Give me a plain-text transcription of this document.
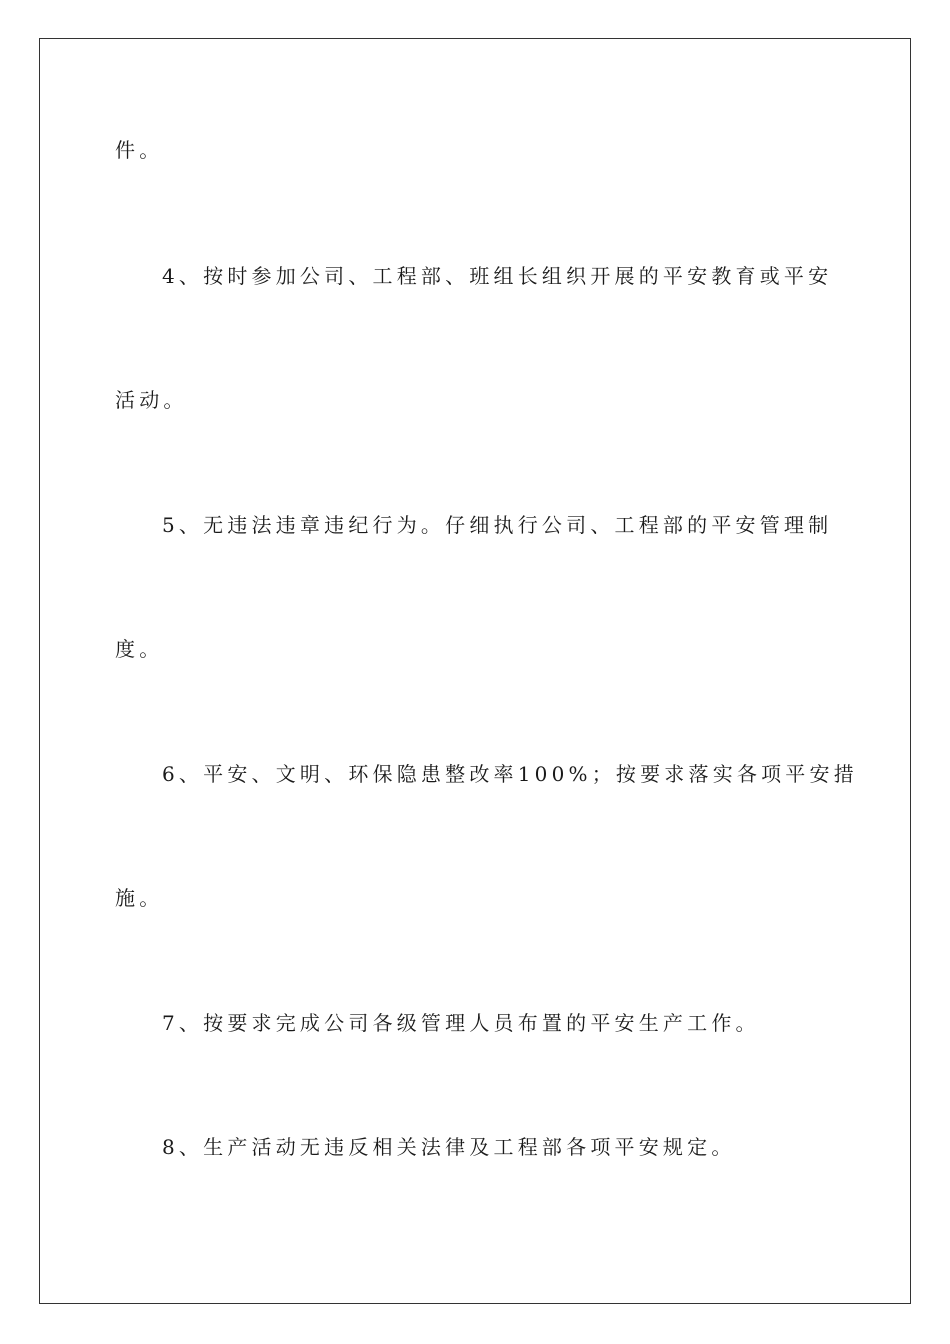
件。
4、按时参加公司、工程部、班组长组织开展的平安教育或平安
活动。
5、无违法违章违纪行为。仔细执行公司、工程部的平安管理制
度。
6、平安、文明、环保隐患整改率100%；按要求落实各项平安措
施。
7、按要求完成公司各级管理人员布置的平安生产工作。
8、生产活动无违反相关法律及工程部各项平安规定。
